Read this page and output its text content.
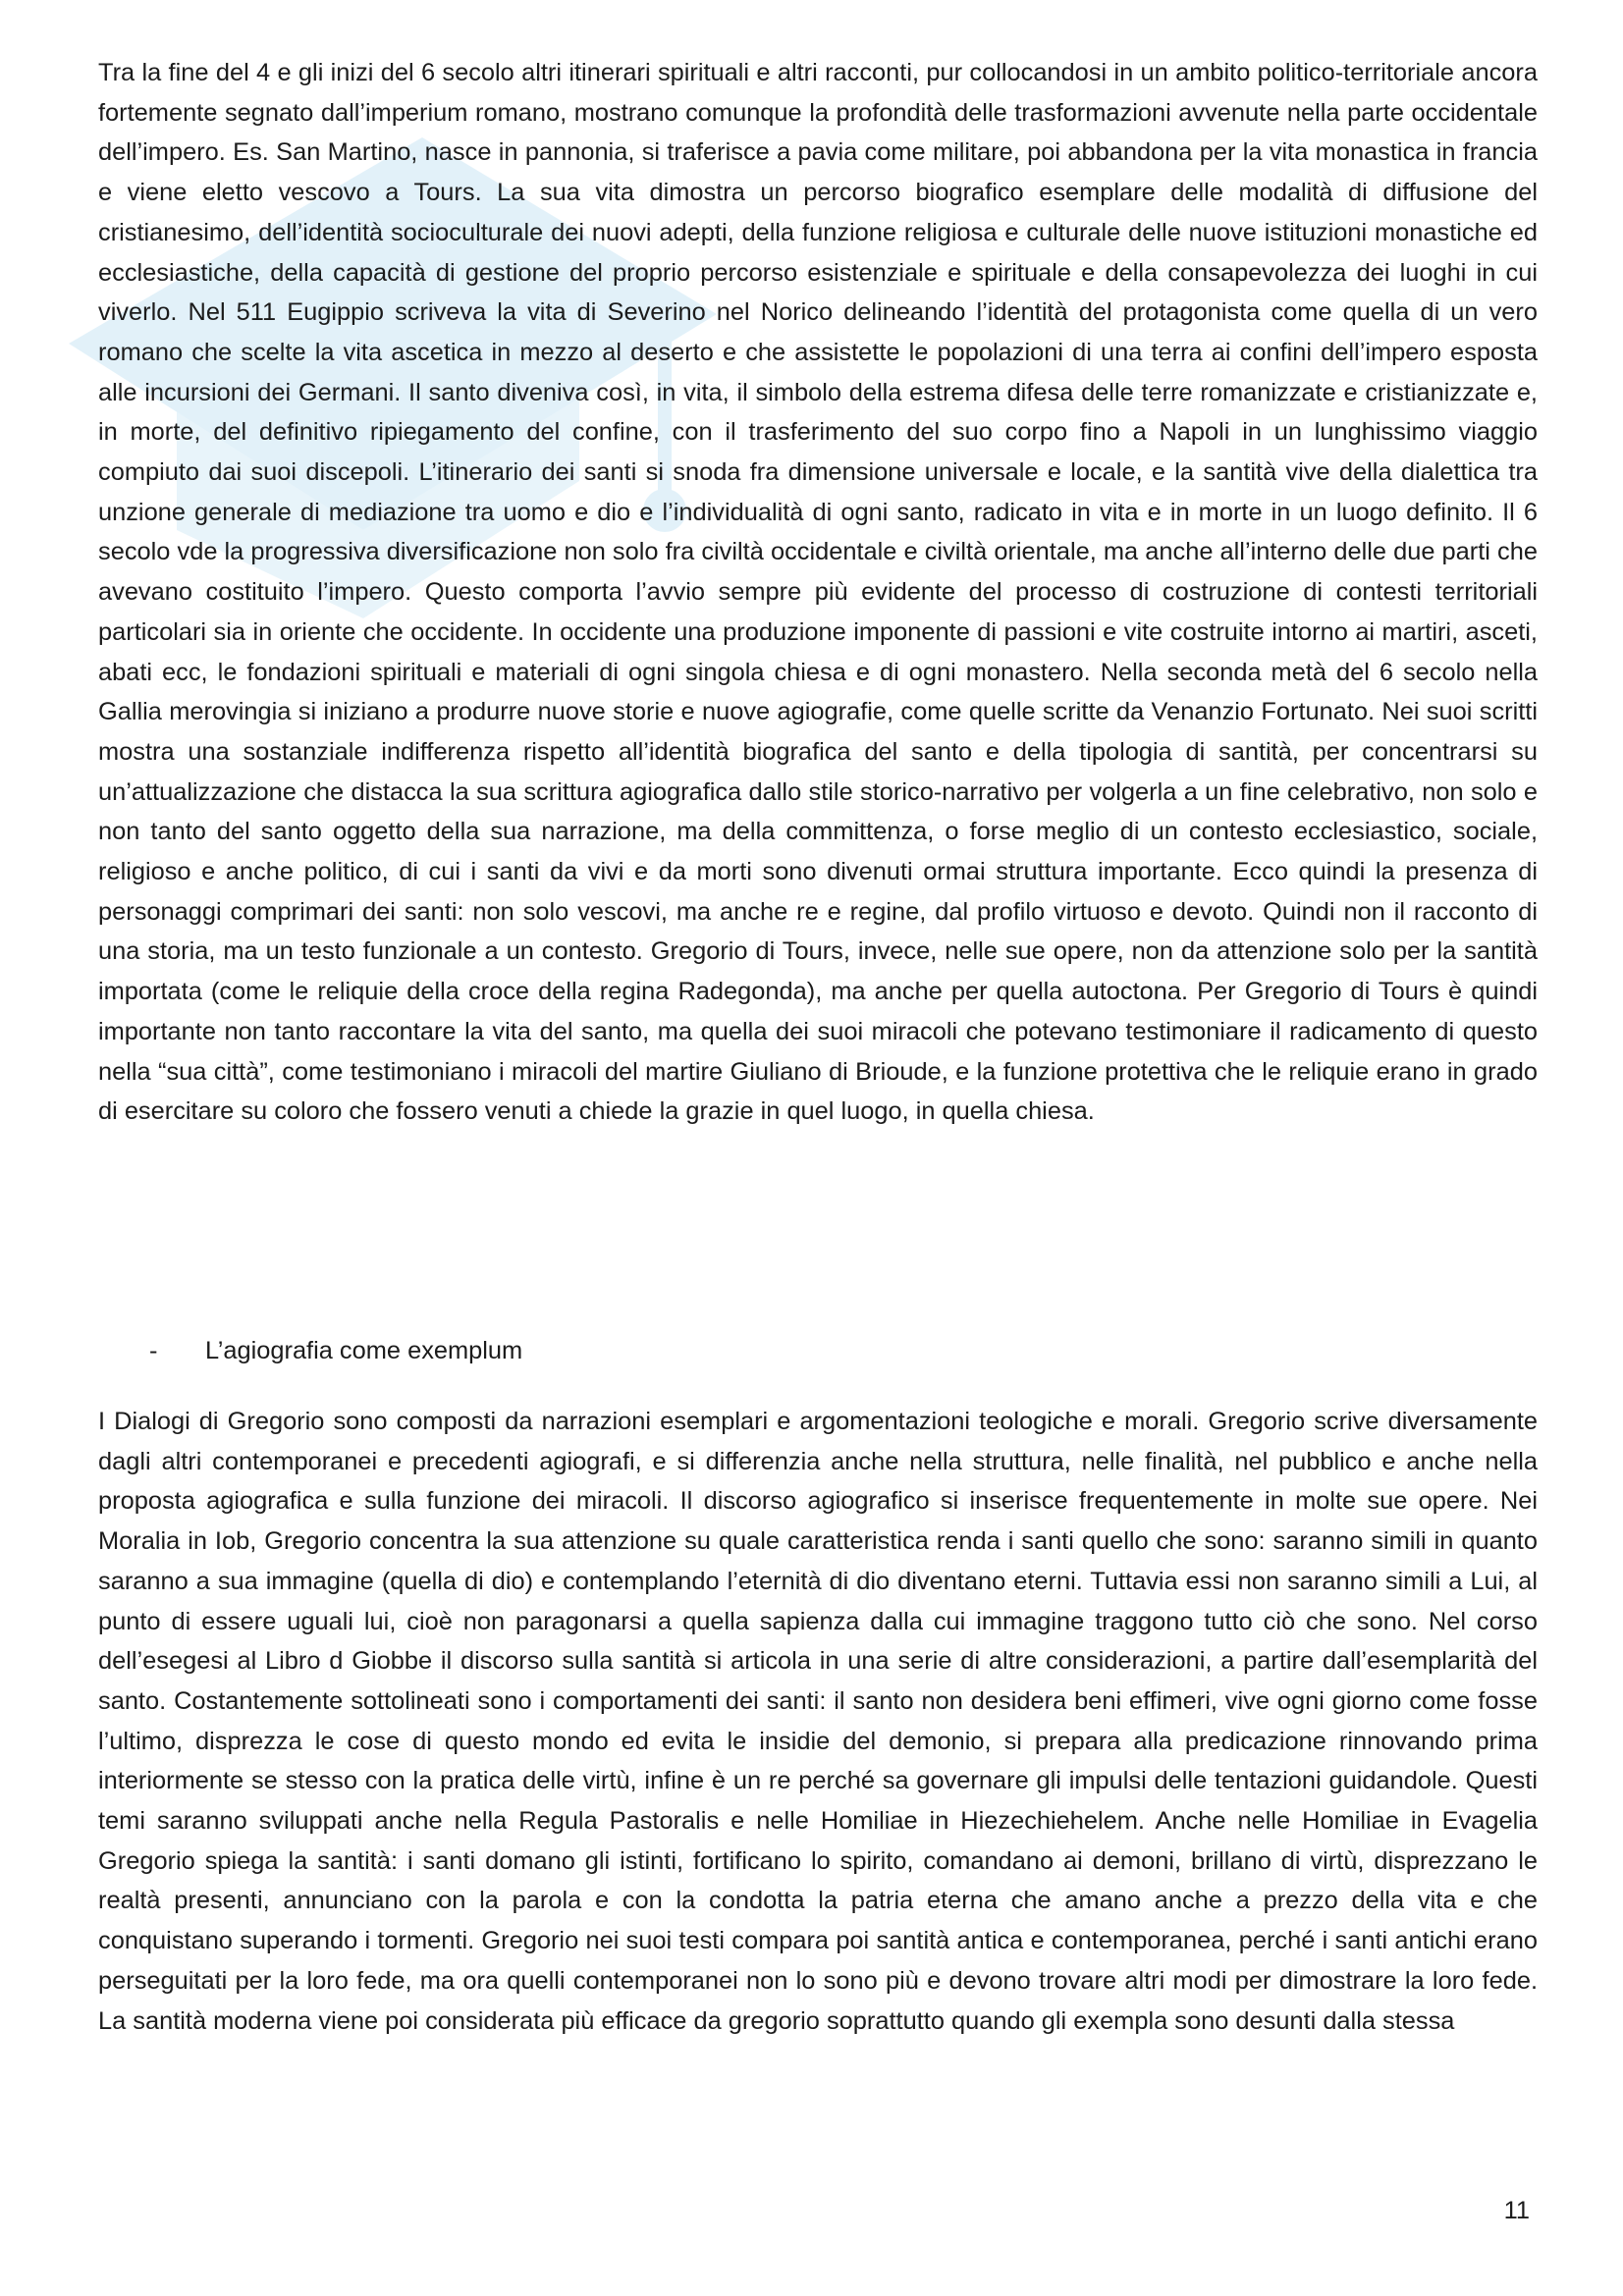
Tra la fine del 4 e gli inizi del 6 secolo altri itinerari spirituali e altri racconti, pur collocandosi in un ambito politico-territoriale ancora fortemente segnato dall’imperium romano, mostrano comunque la profondità delle trasformazioni avvenute nella parte occidentale dell’impero. Es. San Martino, nasce in pannonia, si traferisce a pavia come militare, poi abbandona per la vita monastica in francia e viene eletto vescovo a Tours. La sua vita dimostra un percorso biografico esemplare delle modalità di diffusione del cristianesimo, dell’identità socioculturale dei nuovi adepti, della funzione religiosa e culturale delle nuove istituzioni monastiche ed ecclesiastiche, della capacità di gestione del proprio percorso esistenziale e spirituale e della consapevolezza dei luoghi in cui viverlo. Nel 511 Eugippio scriveva la vita di Severino nel Norico delineando l’identità del protagonista come quella di un vero romano che scelte la vita ascetica in mezzo al deserto e che assistette le popolazioni di una terra ai confini dell’impero esposta alle incursioni dei Germani. Il santo diveniva così, in vita, il simbolo della estrema difesa delle terre romanizzate e cristianizzate e, in morte, del definitivo ripiegamento del confine, con il trasferimento del suo corpo fino a Napoli in un lunghissimo viaggio compiuto dai suoi discepoli. L’itinerario dei santi si snoda fra dimensione universale e locale, e la santità vive della dialettica tra unzione generale di mediazione tra uomo e dio e l’individualità di ogni santo, radicato in vita e in morte in un luogo definito. Il 6 secolo vde la progressiva diversificazione non solo fra civiltà occidentale e civiltà orientale, ma anche all’interno delle due parti che avevano costituito l’impero. Questo comporta l’avvio sempre più evidente del processo di costruzione di contesti territoriali particolari sia in oriente che occidente. In occidente una produzione imponente di passioni e vite costruite intorno ai martiri, asceti, abati ecc, le fondazioni spirituali e materiali di ogni singola chiesa e di ogni monastero. Nella seconda metà del 6 secolo nella Gallia merovingia si iniziano a produrre nuove storie e nuove agiografie, come quelle scritte da Venanzio Fortunato. Nei suoi scritti mostra una sostanziale indifferenza rispetto all’identità biografica del santo e della tipologia di santità, per concentrarsi su un’attualizzazione che distacca la sua scrittura agiografica dallo stile storico-narrativo per volgerla a un fine celebrativo, non solo e non tanto del santo oggetto della sua narrazione, ma della committenza, o forse meglio di un contesto ecclesiastico, sociale, religioso e anche politico, di cui i santi da vivi e da morti sono divenuti ormai struttura importante. Ecco quindi la presenza di personaggi comprimari dei santi: non solo vescovi, ma anche re e regine, dal profilo virtuoso e devoto. Quindi non il racconto di una storia, ma un testo funzionale a un contesto. Gregorio di Tours, invece, nelle sue opere, non da attenzione solo per la santità importata (come le reliquie della croce della regina Radegonda), ma anche per quella autoctona. Per Gregorio di Tours è quindi importante non tanto raccontare la vita del santo, ma quella dei suoi miracoli che potevano testimoniare il radicamento di questo nella “sua città”, come testimoniano i miracoli del martire Giuliano di Brioude, e la funzione protettiva che le reliquie erano in grado di esercitare su coloro che fossero venuti a chiede la grazie in quel luogo, in quella chiesa.

-	L’agiografia come exemplum

I Dialogi di Gregorio sono composti da narrazioni esemplari e argomentazioni teologiche e morali. Gregorio scrive diversamente dagli altri contemporanei e precedenti agiografi, e si differenzia anche nella struttura, nelle finalità, nel pubblico e anche nella proposta agiografica e sulla funzione dei miracoli. Il discorso agiografico si inserisce frequentemente in molte sue opere. Nei Moralia in Iob, Gregorio concentra la sua attenzione su quale caratteristica renda i santi quello che sono: saranno simili in quanto saranno a sua immagine (quella di dio) e contemplando l’eternità di dio diventano eterni. Tuttavia essi non saranno simili a Lui, al punto di essere uguali lui, cioè non paragonarsi a quella sapienza dalla cui immagine traggono tutto ciò che sono. Nel corso dell’esegesi al Libro d Giobbe il discorso sulla santità si articola in una serie di altre considerazioni, a partire dall’esemplarità del santo. Costantemente sottolineati sono i comportamenti dei santi: il santo non desidera beni effimeri, vive ogni giorno come fosse l’ultimo, disprezza le cose di questo mondo ed evita le insidie del demonio, si prepara alla predicazione rinnovando prima interiormente se stesso con la pratica delle virtù, infine è un re perché sa governare gli impulsi delle tentazioni guidandole. Questi temi saranno sviluppati anche nella Regula Pastoralis e nelle Homiliae in Hiezechiehelem. Anche nelle Homiliae in Evagelia Gregorio spiega la santità: i santi domano gli istinti, fortificano lo spirito, comandano ai demoni, brillano di virtù, disprezzano le realtà presenti, annunciano con la parola e con la condotta la patria eterna che amano anche a prezzo della vita e che conquistano superando i tormenti. Gregorio nei suoi testi compara poi santità antica e contemporanea, perché i santi antichi erano perseguitati per la loro fede, ma ora quelli contemporanei non lo sono più e devono trovare altri modi per dimostrare la loro fede. La santità moderna viene poi considerata più efficace da gregorio soprattutto quando gli exempla sono desunti dalla stessa

11
